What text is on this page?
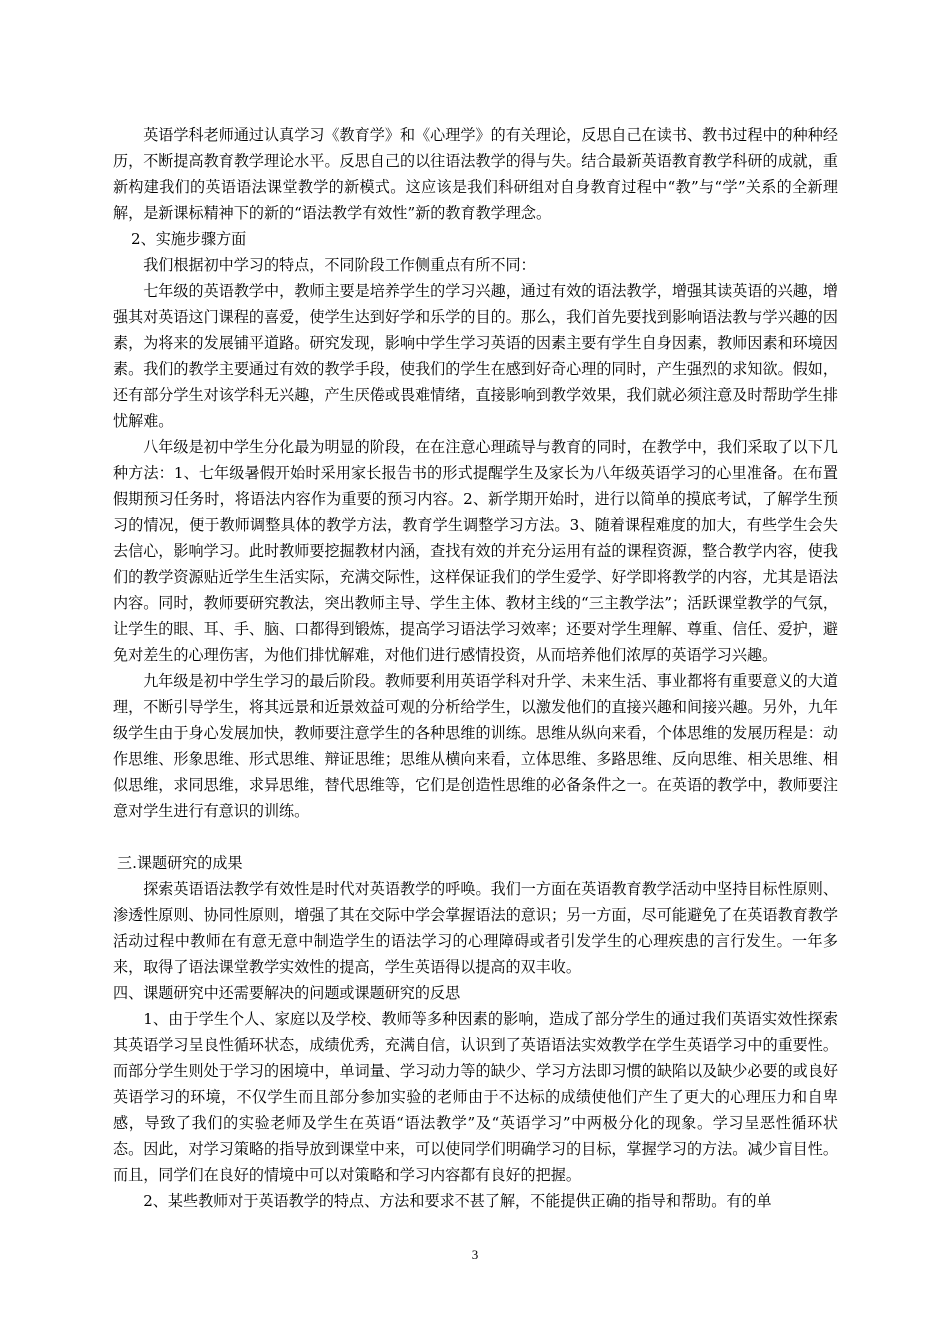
英语学科老师通过认真学习《教育学》和《心理学》的有关理论，反思自己在读书、教书过程中的种种经历，不断提高教育教学理论水平。反思自己的以往语法教学的得与失。结合最新英语教育教学科研的成就，重新构建我们的英语语法课堂教学的新模式。这应该是我们科研组对自身教育过程中“教”与“学”关系的全新理解，是新课标精神下的新的“语法教学有效性”新的教育教学理念。

2、实施步骤方面

我们根据初中学习的特点，不同阶段工作侧重点有所不同：

七年级的英语教学中，教师主要是培养学生的学习兴趣，通过有效的语法教学，增强其读英语的兴趣，增强其对英语这门课程的喜爱，使学生达到好学和乐学的目的。那么，我们首先要找到影响语法教与学兴趣的因素，为将来的发展铺平道路。研究发现，影响中学生学习英语的因素主要有学生自身因素，教师因素和环境因素。我们的教学主要通过有效的教学手段，使我们的学生在感到好奇心理的同时，产生强烈的求知欲。假如，还有部分学生对该学科无兴趣，产生厌倦或畏难情绪，直接影响到教学效果，我们就必须注意及时帮助学生排忧解难。

八年级是初中学生分化最为明显的阶段，在在注意心理疏导与教育的同时，在教学中，我们采取了以下几种方法：1、七年级暑假开始时采用家长报告书的形式提醒学生及家长为八年级英语学习的心里准备。在布置假期预习任务时，将语法内容作为重要的预习内容。2、新学期开始时，进行以简单的摸底考试，了解学生预习的情况，便于教师调整具体的教学方法，教育学生调整学习方法。3、随着课程难度的加大，有些学生会失去信心，影响学习。此时教师要挖掘教材内涵，查找有效的并充分运用有益的课程资源，整合教学内容，使我们的教学资源贴近学生生活实际，充满交际性，这样保证我们的学生爱学、好学即将教学的内容，尤其是语法内容。同时，教师要研究教法，突出教师主导、学生主体、教材主线的“三主教学法”；活跃课堂教学的气氛，让学生的眼、耳、手、脑、口都得到锻炼，提高学习语法学习效率；还要对学生理解、尊重、信任、爱护，避免对差生的心理伤害，为他们排忧解难，对他们进行感情投资，从而培养他们浓厚的英语学习兴趣。

九年级是初中学生学习的最后阶段。教师要利用英语学科对升学、未来生活、事业都将有重要意义的大道理，不断引导学生，将其远景和近景效益可观的分析给学生，以激发他们的直接兴趣和间接兴趣。另外，九年级学生由于身心发展加快，教师要注意学生的各种思维的训练。思维从纵向来看，个体思维的发展历程是：动作思维、形象思维、形式思维、辩证思维；思维从横向来看，立体思维、多路思维、反向思维、相关思维、相似思维，求同思维，求异思维，替代思维等，它们是创造性思维的必备条件之一。在英语的教学中，教师要注意对学生进行有意识的训练。

三.课题研究的成果

探索英语语法教学有效性是时代对英语教学的呼唤。我们一方面在英语教育教学活动中坚持目标性原则、渗透性原则、协同性原则，增强了其在交际中学会掌握语法的意识；另一方面，尽可能避免了在英语教育教学活动过程中教师在有意无意中制造学生的语法学习的心理障碍或者引发学生的心理疾患的言行发生。一年多来，取得了语法课堂教学实效性的提高，学生英语得以提高的双丰收。

四、课题研究中还需要解决的问题或课题研究的反思

1、由于学生个人、家庭以及学校、教师等多种因素的影响，造成了部分学生的通过我们英语实效性探索其英语学习呈良性循环状态，成绩优秀，充满自信，认识到了英语语法实效教学在学生英语学习中的重要性。而部分学生则处于学习的困境中，单词量、学习动力等的缺少、学习方法即习惯的缺陷以及缺少必要的或良好英语学习的环境，不仅学生而且部分参加实验的老师由于不达标的成绩使他们产生了更大的心理压力和自卑感，导致了我们的实验老师及学生在英语“语法教学”及“英语学习”中两极分化的现象。学习呈恶性循环状态。因此，对学习策略的指导放到课堂中来，可以使同学们明确学习的目标，掌握学习的方法。减少盲目性。而且，同学们在良好的情境中可以对策略和学习内容都有良好的把握。

2、某些教师对于英语教学的特点、方法和要求不甚了解，不能提供正确的指导和帮助。有的单

3
